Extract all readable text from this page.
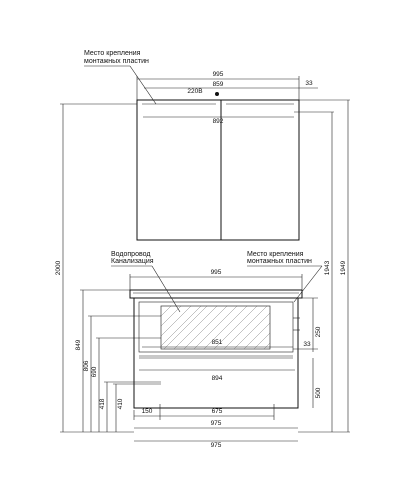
995
859	33
220В
892
Место крепления
монтажных пластин
995
851	33
894
150	675
975
975
250
500
Водопровод
Канализация
Место крепления
монтажных пластин
2000
849
806
690
418 410
1949
1943
